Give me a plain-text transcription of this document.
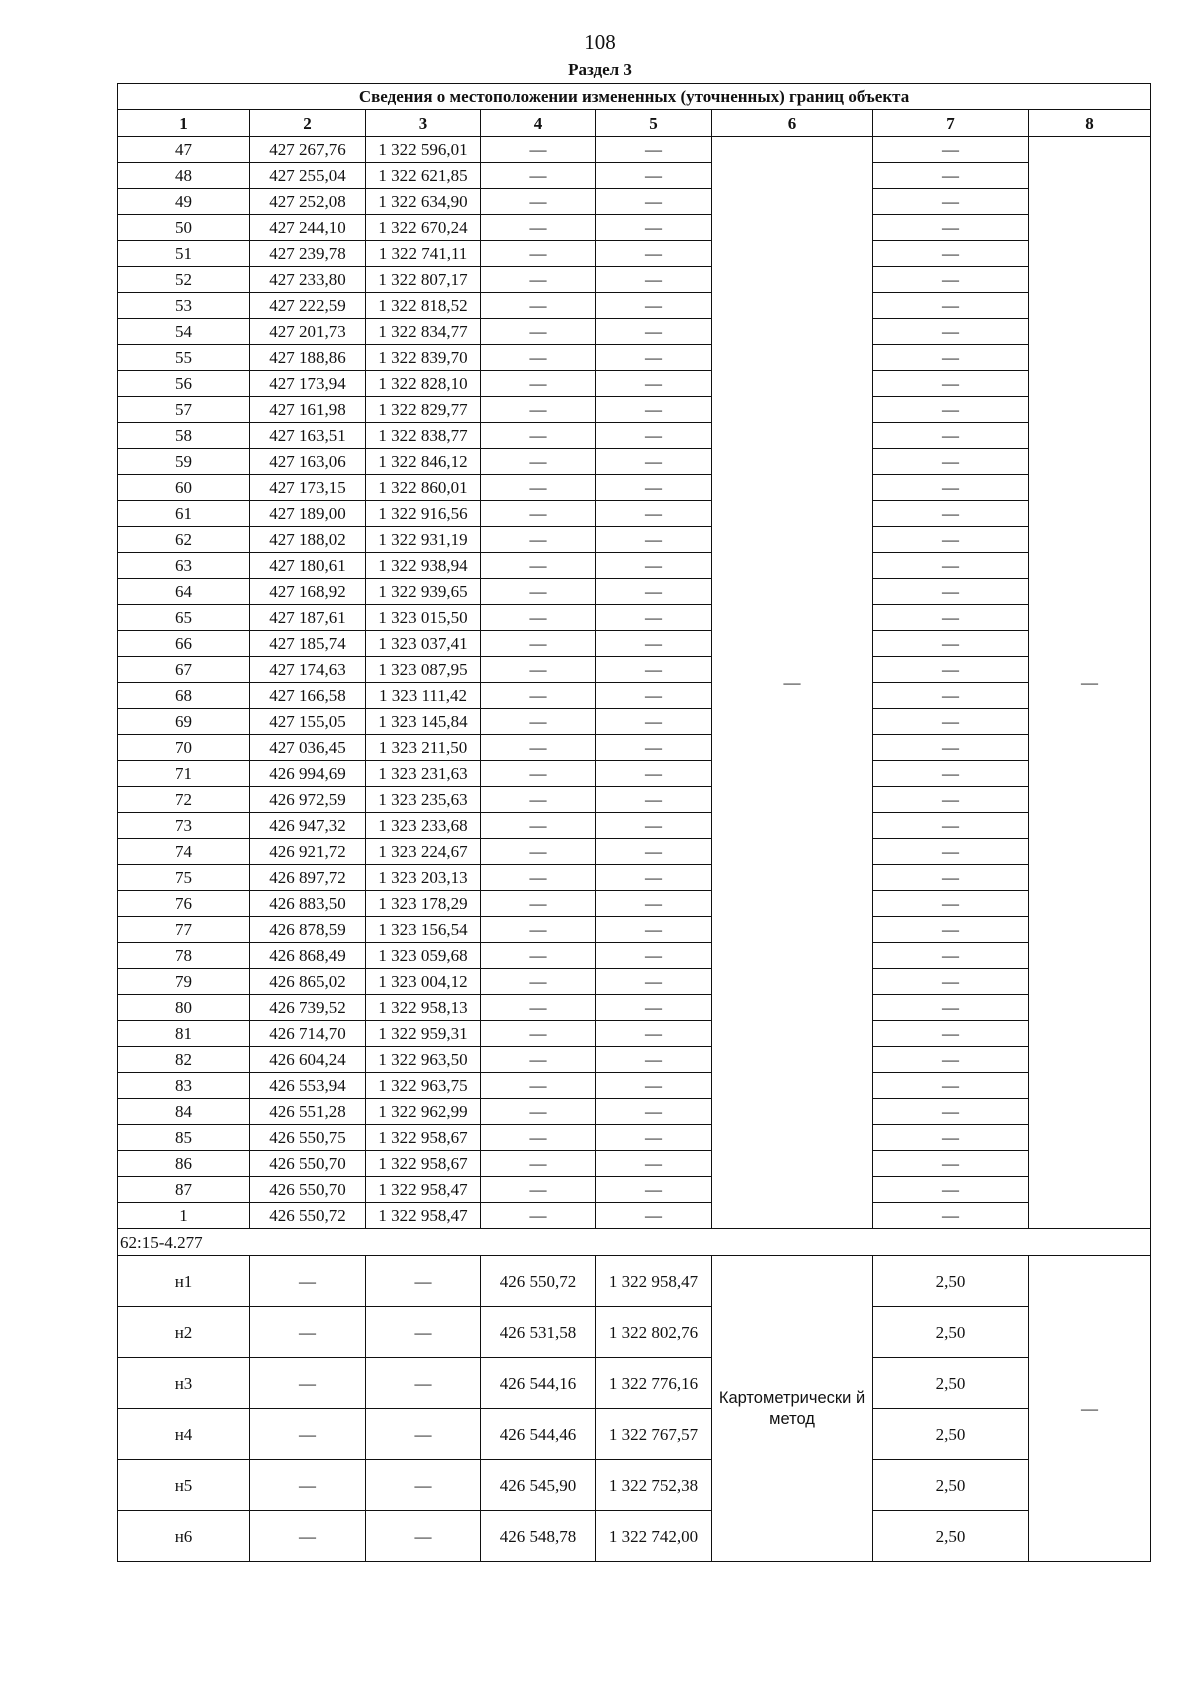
108
Раздел 3
Сведения о местоположении измененных (уточненных) границ объекта							
1	2	3	4	5	6	7	8
47	427 267,76	1 322 596,01	—	—	—	—	—
48	427 255,04	1 322 621,85	—	—		—	
49	427 252,08	1 322 634,90	—	—		—	
50	427 244,10	1 322 670,24	—	—		—	
51	427 239,78	1 322 741,11	—	—		—	
52	427 233,80	1 322 807,17	—	—		—	
53	427 222,59	1 322 818,52	—	—		—	
54	427 201,73	1 322 834,77	—	—		—	
55	427 188,86	1 322 839,70	—	—		—	
56	427 173,94	1 322 828,10	—	—		—	
57	427 161,98	1 322 829,77	—	—		—	
58	427 163,51	1 322 838,77	—	—		—	
59	427 163,06	1 322 846,12	—	—		—	
60	427 173,15	1 322 860,01	—	—		—	
61	427 189,00	1 322 916,56	—	—		—	
62	427 188,02	1 322 931,19	—	—		—	
63	427 180,61	1 322 938,94	—	—		—	
64	427 168,92	1 322 939,65	—	—		—	
65	427 187,61	1 323 015,50	—	—		—	
66	427 185,74	1 323 037,41	—	—		—	
67	427 174,63	1 323 087,95	—	—		—	
68	427 166,58	1 323 111,42	—	—		—	
69	427 155,05	1 323 145,84	—	—		—	
70	427 036,45	1 323 211,50	—	—		—	
71	426 994,69	1 323 231,63	—	—		—	
72	426 972,59	1 323 235,63	—	—		—	
73	426 947,32	1 323 233,68	—	—		—	
74	426 921,72	1 323 224,67	—	—		—	
75	426 897,72	1 323 203,13	—	—		—	
76	426 883,50	1 323 178,29	—	—		—	
77	426 878,59	1 323 156,54	—	—		—	
78	426 868,49	1 323 059,68	—	—		—	
79	426 865,02	1 323 004,12	—	—		—	
80	426 739,52	1 322 958,13	—	—		—	
81	426 714,70	1 322 959,31	—	—		—	
82	426 604,24	1 322 963,50	—	—		—	
83	426 553,94	1 322 963,75	—	—		—	
84	426 551,28	1 322 962,99	—	—		—	
85	426 550,75	1 322 958,67	—	—		—	
86	426 550,70	1 322 958,67	—	—		—	
87	426 550,70	1 322 958,47	—	—		—	
1	426 550,72	1 322 958,47	—	—		—	
62:15-4.277							
н1	—	—	426 550,72	1 322 958,47	Картометрически й метод	2,50	—
н2	—	—	426 531,58	1 322 802,76		2,50	
н3	—	—	426 544,16	1 322 776,16		2,50	
н4	—	—	426 544,46	1 322 767,57		2,50	
н5	—	—	426 545,90	1 322 752,38		2,50	
н6	—	—	426 548,78	1 322 742,00		2,50	
